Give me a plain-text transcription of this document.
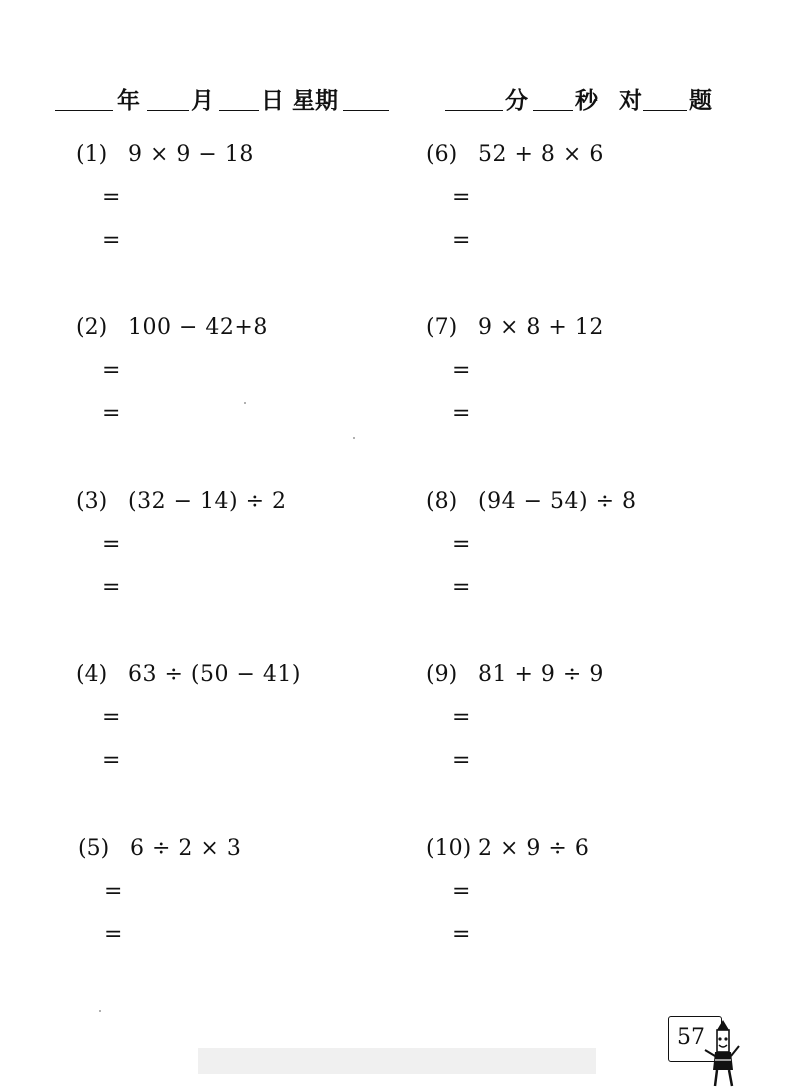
年 月 日 星期	分 秒 对 题
(1) 9 × 9 − 18
=
=
(2) 100 − 42+8
=
=
(3) (32 − 14) ÷ 2
=
=
(4) 63 ÷ (50 − 41)
=
=
(5) 6 ÷ 2 × 3
=
=
(6) 52 + 8 × 6
=
=
(7) 9 × 8 + 12
=
=
(8) (94 − 54) ÷ 8
=
=
(9) 81 + 9 ÷ 9
=
=
(10) 2 × 9 ÷ 6
=
=
57
